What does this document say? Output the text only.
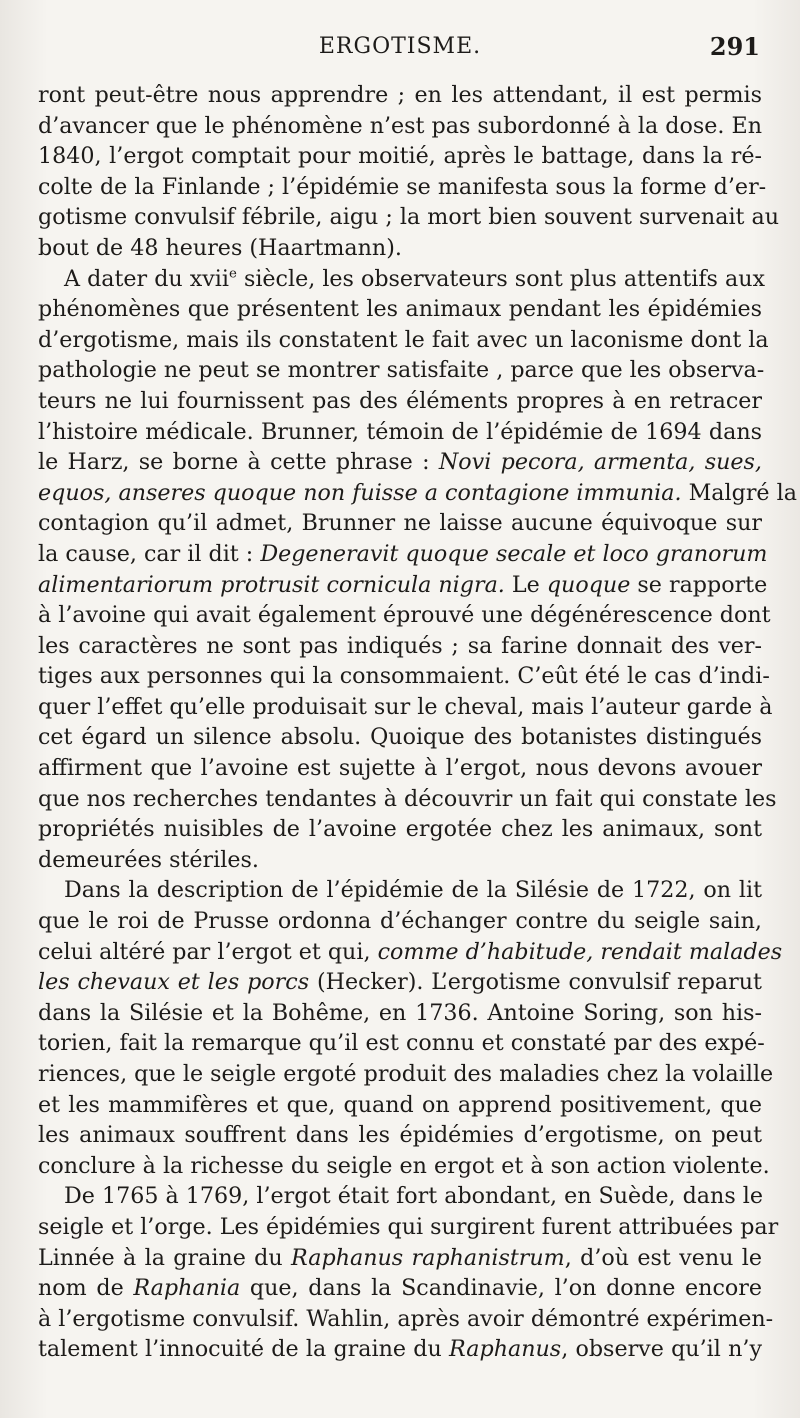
ERGOTISME.	291

ront peut-être nous apprendre ; en les attendant, il est permis
d’avancer que le phénomène n’est pas subordonné à la dose. En
1840, l’ergot comptait pour moitié, après le battage, dans la ré-
colte de la Finlande ; l’épidémie se manifesta sous la forme d’er-
gotisme convulsif fébrile, aigu ; la mort bien souvent survenait au
bout de 48 heures (Haartmann).

A dater du xvii$^e$ siècle, les observateurs sont plus attentifs aux
phénomènes que présentent les animaux pendant les épidémies
d’ergotisme, mais ils constatent le fait avec un laconisme dont la
pathologie ne peut se montrer satisfaite , parce que les observa-
teurs ne lui fournissent pas des éléments propres à en retracer
l’histoire médicale. Brunner, témoin de l’épidémie de 1694 dans
le Harz, se borne à cette phrase : Novi pecora, armenta, sues,
equos, anseres quoque non fuisse a contagione immunia. Malgré la
contagion qu’il admet, Brunner ne laisse aucune équivoque sur
la cause, car il dit : Degeneravit quoque secale et loco granorum
alimentariorum protrusit cornicula nigra. Le quoque se rapporte
à l’avoine qui avait également éprouvé une dégénérescence dont
les caractères ne sont pas indiqués ; sa farine donnait des ver-
tiges aux personnes qui la consommaient. C’eût été le cas d’indi-
quer l’effet qu’elle produisait sur le cheval, mais l’auteur garde à
cet égard un silence absolu. Quoique des botanistes distingués
affirment que l’avoine est sujette à l’ergot, nous devons avouer
que nos recherches tendantes à découvrir un fait qui constate les
propriétés nuisibles de l’avoine ergotée chez les animaux, sont
demeurées stériles.

Dans la description de l’épidémie de la Silésie de 1722, on lit
que le roi de Prusse ordonna d’échanger contre du seigle sain,
celui altéré par l’ergot et qui, comme d’habitude, rendait malades
les chevaux et les porcs (Hecker). L’ergotisme convulsif reparut
dans la Silésie et la Bohême, en 1736. Antoine Soring, son his-
torien, fait la remarque qu’il est connu et constaté par des expé-
riences, que le seigle ergoté produit des maladies chez la volaille
et les mammifères et que, quand on apprend positivement, que
les animaux souffrent dans les épidémies d’ergotisme, on peut
conclure à la richesse du seigle en ergot et à son action violente.

De 1765 à 1769, l’ergot était fort abondant, en Suède, dans le
seigle et l’orge. Les épidémies qui surgirent furent attribuées par
Linnée à la graine du Raphanus raphanistrum, d’où est venu le
nom de Raphania que, dans la Scandinavie, l’on donne encore
à l’ergotisme convulsif. Wahlin, après avoir démontré expérimen-
talement l’innocuité de la graine du Raphanus, observe qu’il n’y
